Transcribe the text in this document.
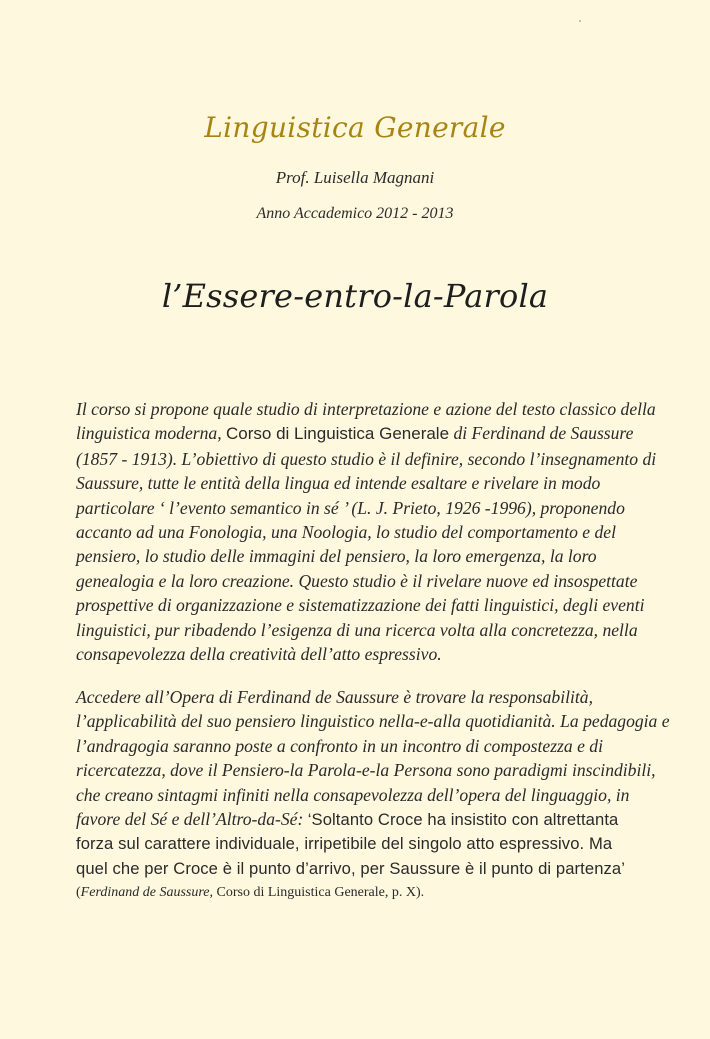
Linguistica Generale
Prof. Luisella Magnani
Anno Accademico 2012 - 2013
l’Essere-entro-la-Parola
Il corso si propone quale studio di interpretazione e azione del testo classico della
linguistica moderna, Corso di Linguistica Generale di Ferdinand de Saussure
(1857 - 1913). L’obiettivo di questo studio è il definire, secondo l’insegnamento di
Saussure, tutte le entità della lingua ed intende esaltare e rivelare in modo
particolare ‘ l’evento semantico in sé ’ (L. J. Prieto, 1926 -1996), proponendo
accanto ad una Fonologia, una Noologia, lo studio del comportamento e del
pensiero, lo studio delle immagini del pensiero, la loro emergenza, la loro
genealogia e la loro creazione. Questo studio è il rivelare nuove ed insospettate
prospettive di organizzazione e sistematizzazione dei fatti linguistici, degli eventi
linguistici, pur ribadendo l’esigenza di una ricerca volta alla concretezza, nella
consapevolezza della creatività dell’atto espressivo.
Accedere all’Opera di Ferdinand de Saussure è trovare la responsabilità,
l’applicabilità del suo pensiero linguistico nella-e-alla quotidianità. La pedagogia e
l’andragogia saranno poste a confronto in un incontro di compostezza e di
ricercatezza, dove il Pensiero-la Parola-e-la Persona sono paradigmi inscindibili,
che creano sintagmi infiniti nella consapevolezza dell’opera del linguaggio, in
favore del Sé e dell’Altro-da-Sé: ‘Soltanto Croce ha insistito con altrettanta
forza sul carattere individuale, irripetibile del singolo atto espressivo. Ma
quel che per Croce è il punto d’arrivo, per Saussure è il punto di partenza’
(Ferdinand de Saussure, Corso di Linguistica Generale, p. X).
